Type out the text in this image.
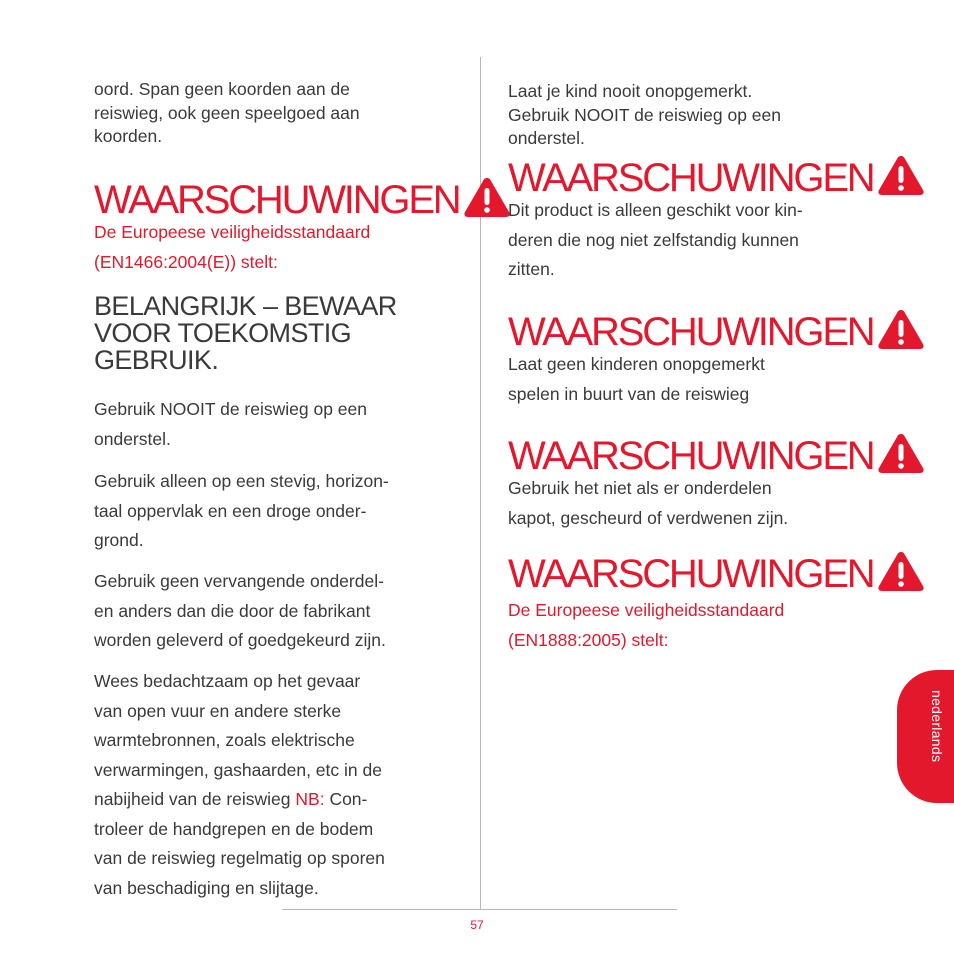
oord. Span geen koorden aan de

reiswieg, ook geen speelgoed aan

koorden.

WAARSCHUWINGEN

De Europeese veiligheidsstandaard

(EN1466:2004(E)) stelt:

BELANGRIJK – BEWAAR
VOOR TOEKOMSTIG
GEBRUIK.

Gebruik NOOIT de reiswieg op een

onderstel.

Gebruik alleen op een stevig, horizon-

taal oppervlak en een droge onder-

grond.

Gebruik geen vervangende onderdel-

en anders dan die door de fabrikant

worden geleverd of goedgekeurd zijn.

Wees bedachtzaam op het gevaar

van open vuur en andere sterke

warmtebronnen, zoals elektrische

verwarmingen, gashaarden, etc in de

nabijheid van de reiswieg NB: Con-

troleer de handgrepen en de bodem

van de reiswieg regelmatig op sporen

van beschadiging en slijtage.

Laat je kind nooit onopgemerkt.

Gebruik NOOIT de reiswieg op een

onderstel.

WAARSCHUWINGEN

Dit product is alleen geschikt voor kin-

deren die nog niet zelfstandig kunnen

zitten.

WAARSCHUWINGEN

Laat geen kinderen onopgemerkt

spelen in buurt van de reiswieg

WAARSCHUWINGEN

Gebruik het niet als er onderdelen

kapot, gescheurd of verdwenen zijn.

WAARSCHUWINGEN

De Europeese veiligheidsstandaard

(EN1888:2005) stelt:

nederlands
57
